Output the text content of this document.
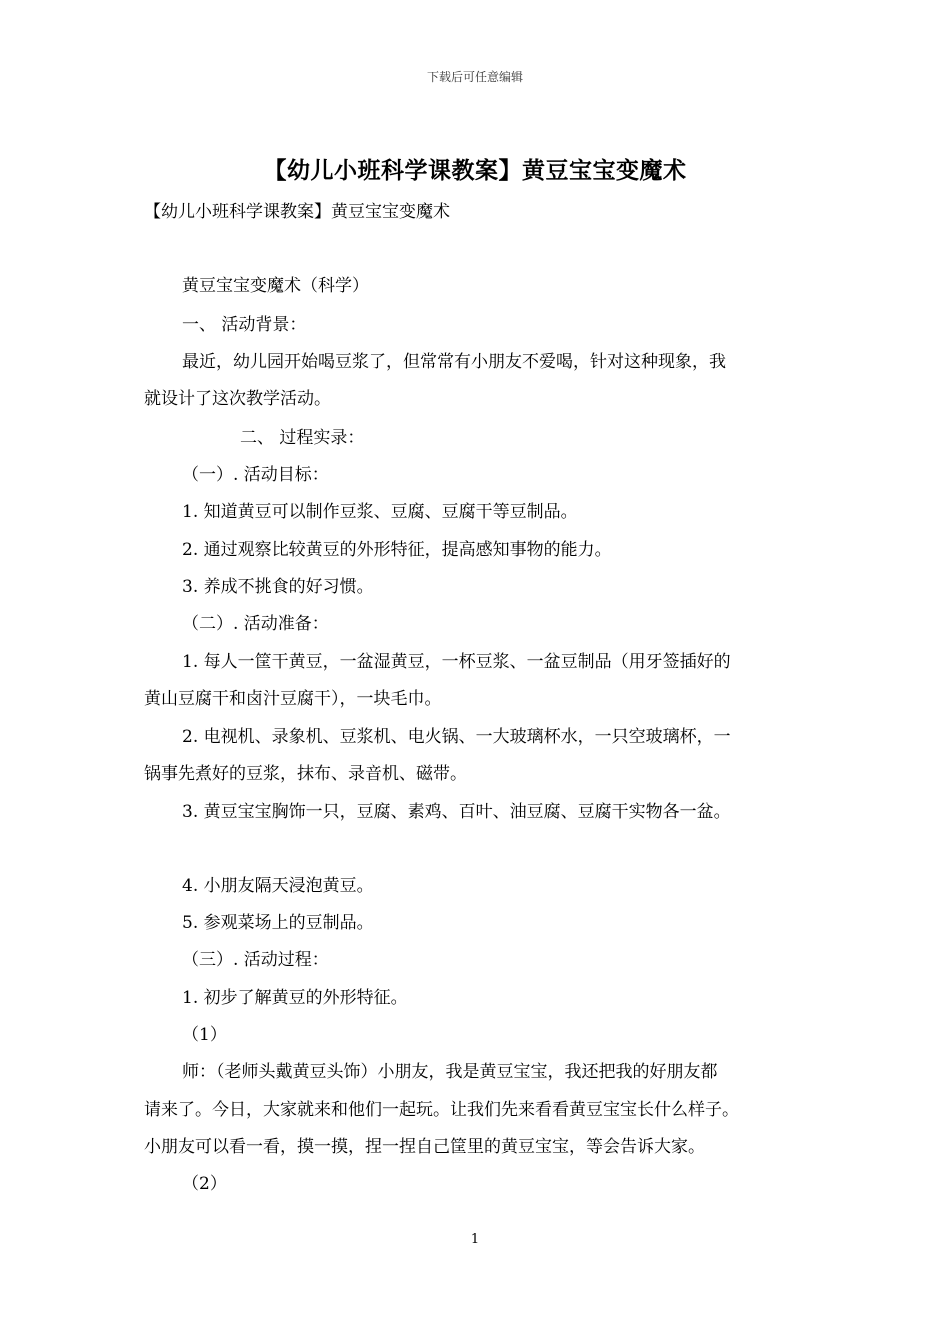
下载后可任意编辑
【幼儿小班科学课教案】黄豆宝宝变魔术
【幼儿小班科学课教案】黄豆宝宝变魔术
黄豆宝宝变魔术（科学）
一、 活动背景：
最近，幼儿园开始喝豆浆了，但常常有小朋友不爱喝，针对这种现象，我
就设计了这次教学活动。
二、 过程实录：
（一）. 活动目标：
1. 知道黄豆可以制作豆浆、豆腐、豆腐干等豆制品。
2. 通过观察比较黄豆的外形特征，提高感知事物的能力。
3. 养成不挑食的好习惯。
（二）. 活动准备：
1. 每人一筐干黄豆，一盆湿黄豆，一杯豆浆、一盆豆制品（用牙签插好的
黄山豆腐干和卤汁豆腐干），一块毛巾。
2. 电视机、录象机、豆浆机、电火锅、一大玻璃杯水，一只空玻璃杯，一
锅事先煮好的豆浆，抹布、录音机、磁带。
3. 黄豆宝宝胸饰一只，豆腐、素鸡、百叶、油豆腐、豆腐干实物各一盆。
4. 小朋友隔天浸泡黄豆。
5. 参观菜场上的豆制品。
（三）. 活动过程：
1. 初步了解黄豆的外形特征。
（1）
师：（老师头戴黄豆头饰）小朋友，我是黄豆宝宝，我还把我的好朋友都
请来了。今日，大家就来和他们一起玩。让我们先来看看黄豆宝宝长什么样子。
小朋友可以看一看，摸一摸，捏一捏自己筐里的黄豆宝宝，等会告诉大家。
（2）
1
